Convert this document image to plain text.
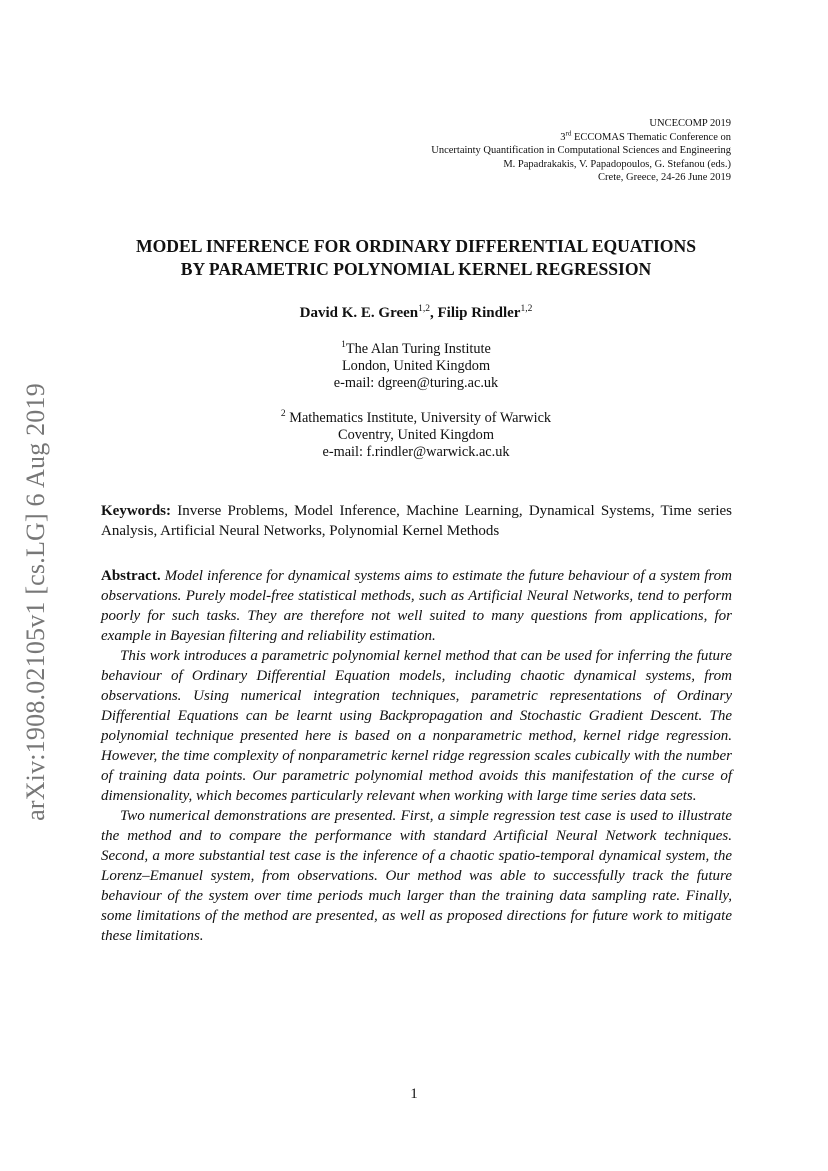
UNCECOMP 2019
3rd ECCOMAS Thematic Conference on
Uncertainty Quantification in Computational Sciences and Engineering
M. Papadrakakis, V. Papadopoulos, G. Stefanou (eds.)
Crete, Greece, 24-26 June 2019
MODEL INFERENCE FOR ORDINARY DIFFERENTIAL EQUATIONS
BY PARAMETRIC POLYNOMIAL KERNEL REGRESSION
David K. E. Green$^{1,2}$, Filip Rindler$^{1,2}$
$^1$The Alan Turing Institute
London, United Kingdom
e-mail: dgreen@turing.ac.uk
$^2$ Mathematics Institute, University of Warwick
Coventry, United Kingdom
e-mail: f.rindler@warwick.ac.uk
Keywords: Inverse Problems, Model Inference, Machine Learning, Dynamical Systems, Time series Analysis, Artificial Neural Networks, Polynomial Kernel Methods

Abstract. Model inference for dynamical systems aims to estimate the future behaviour of a system from observations. Purely model-free statistical methods, such as Artificial Neural Networks, tend to perform poorly for such tasks. They are therefore not well suited to many questions from applications, for example in Bayesian filtering and reliability estimation.

This work introduces a parametric polynomial kernel method that can be used for inferring the future behaviour of Ordinary Differential Equation models, including chaotic dynamical systems, from observations. Using numerical integration techniques, parametric representations of Ordinary Differential Equations can be learnt using Backpropagation and Stochastic Gradient Descent. The polynomial technique presented here is based on a nonparametric method, kernel ridge regression. However, the time complexity of nonparametric kernel ridge regression scales cubically with the number of training data points. Our parametric polynomial method avoids this manifestation of the curse of dimensionality, which becomes particularly relevant when working with large time series data sets.

Two numerical demonstrations are presented. First, a simple regression test case is used to illustrate the method and to compare the performance with standard Artificial Neural Network techniques. Second, a more substantial test case is the inference of a chaotic spatio-temporal dynamical system, the Lorenz–Emanuel system, from observations. Our method was able to successfully track the future behaviour of the system over time periods much larger than the training data sampling rate. Finally, some limitations of the method are presented, as well as proposed directions for future work to mitigate these limitations.

1
arXiv:1908.02105v1 [cs.LG] 6 Aug 2019
